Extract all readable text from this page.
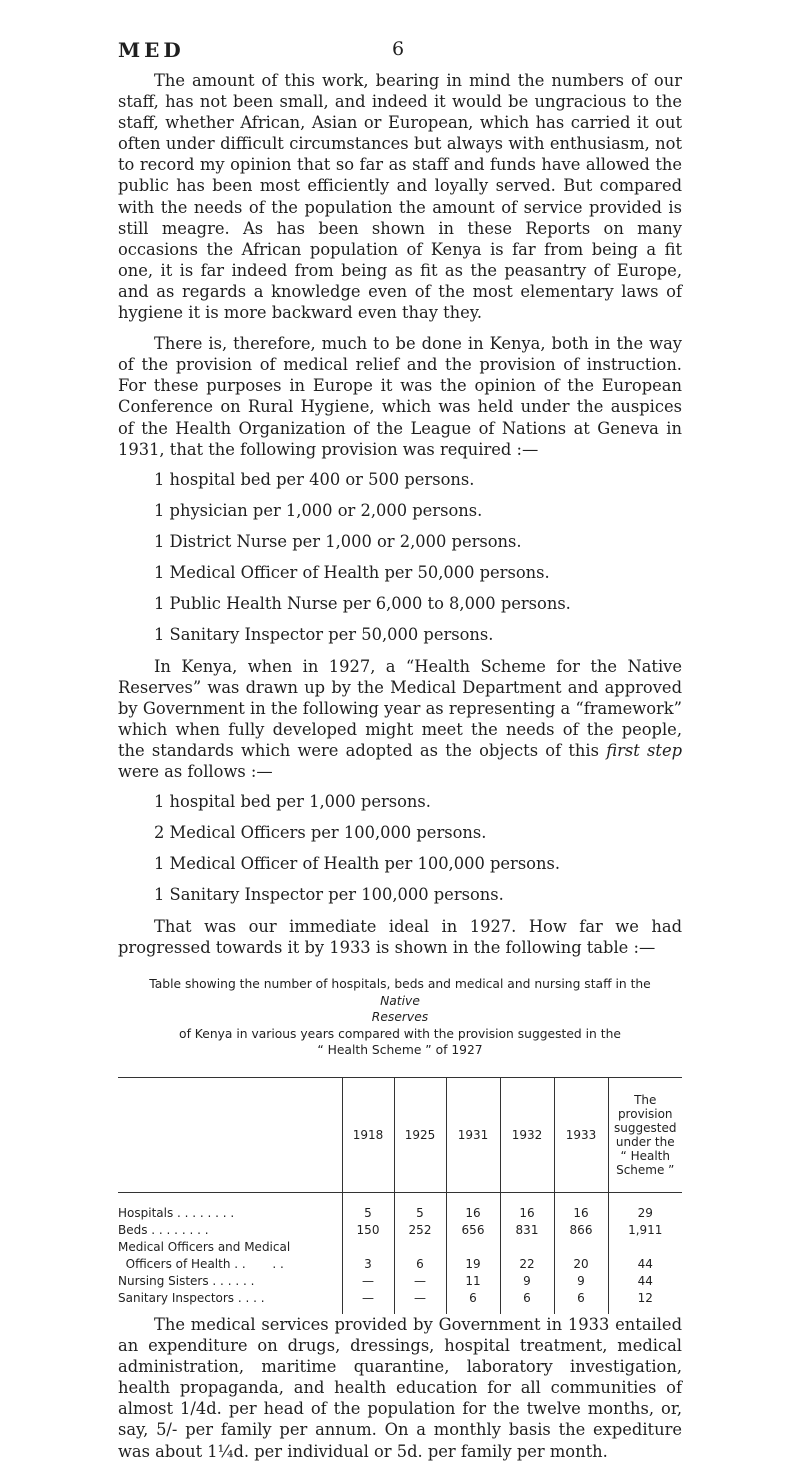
MED	6

The amount of this work, bearing in mind the numbers of our staff, has not been small, and indeed it would be ungracious to the staff, whether African, Asian or European, which has carried it out often under difficult circumstances but always with enthusiasm, not to record my opinion that so far as staff and funds have allowed the public has been most efficiently and loyally served. But compared with the needs of the population the amount of service provided is still meagre. As has been shown in these Reports on many occasions the African population of Kenya is far from being a fit one, it is far indeed from being as fit as the peasantry of Europe, and as regards a knowledge even of the most elementary laws of hygiene it is more backward even thay they.

There is, therefore, much to be done in Kenya, both in the way of the provision of medical relief and the provision of instruction. For these purposes in Europe it was the opinion of the European Conference on Rural Hygiene, which was held under the auspices of the Health Organization of the League of Nations at Geneva in 1931, that the following provision was required :—

1 hospital bed per 400 or 500 persons.
1 physician per 1,000 or 2,000 persons.
1 District Nurse per 1,000 or 2,000 persons.
1 Medical Officer of Health per 50,000 persons.
1 Public Health Nurse per 6,000 to 8,000 persons.
1 Sanitary Inspector per 50,000 persons.

In Kenya, when in 1927, a “Health Scheme for the Native Reserves” was drawn up by the Medical Department and approved by Government in the following year as representing a “framework” which when fully developed might meet the needs of the people, the standards which were adopted as the objects of this first step were as follows :—

1 hospital bed per 1,000 persons.
2 Medical Officers per 100,000 persons.
1 Medical Officer of Health per 100,000 persons.
1 Sanitary Inspector per 100,000 persons.

That was our immediate ideal in 1927. How far we had progressed towards it by 1933 is shown in the following table :—

Table showing the number of hospitals, beds and medical and nursing staff in the
Native
Reserves
of Kenya in various years compared with the provision suggested in the
“ Health Scheme ” of 1927
	1918	1925	1931	1932	1933	The provision suggested under the “ Health Scheme ”

Hospitals . . . . . . . .	5	5	16	16	16	29
Beds . . . . . . . .	150	252	656	831	866	1,911
Medical Officers and Medical						
Officers of Health . .       . .	3	6	19	22	20	44
Nursing Sisters . . . . . .	—	—	11	9	9	44
Sanitary Inspectors . . . .	—	—	6	6	6	12

The medical services provided by Government in 1933 entailed an expenditure on drugs, dressings, hospital treatment, medical administration, maritime quarantine, laboratory investigation, health propaganda, and health education for all communities of almost 1/4d. per head of the population for the twelve months, or, say, 5/- per family per annum. On a monthly basis the expediture was about 1¼d. per individual or 5d. per family per month.
